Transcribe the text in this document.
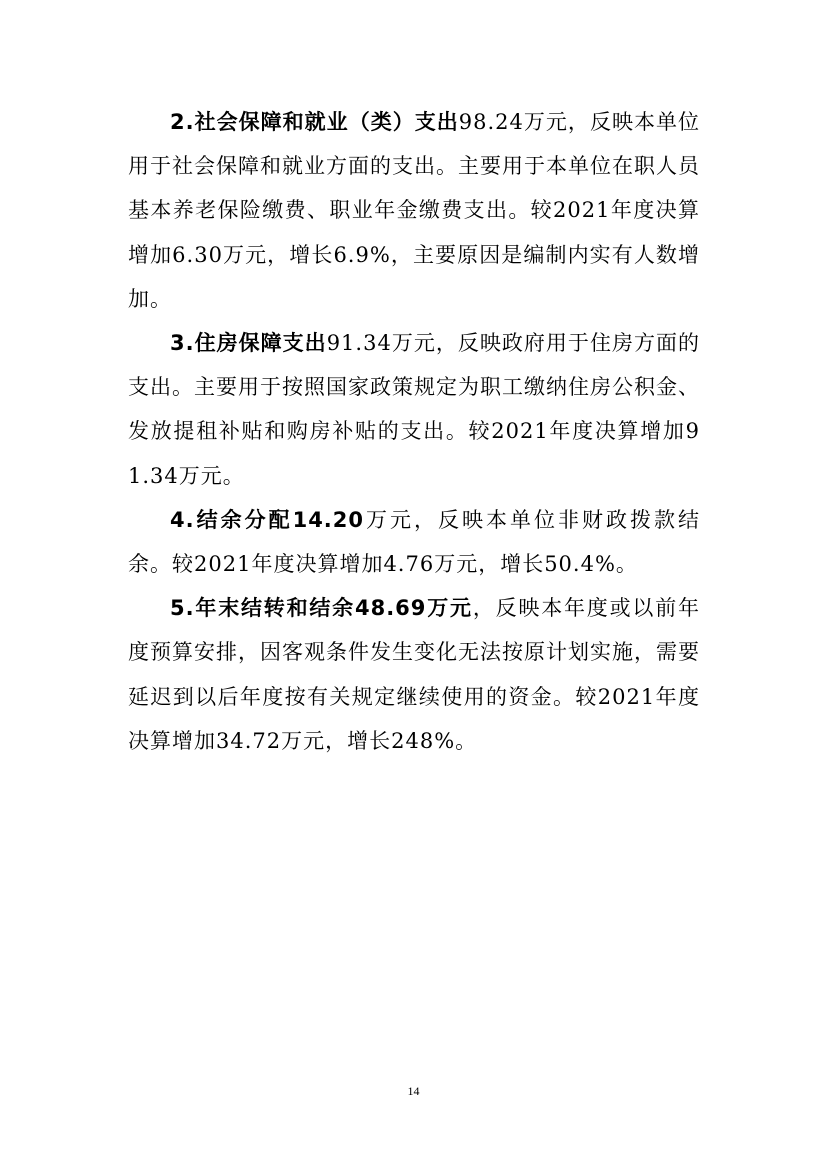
2.社会保障和就业（类）支出98.24万元，反映本单位用于社会保障和就业方面的支出。主要用于本单位在职人员基本养老保险缴费、职业年金缴费支出。较2021年度决算增加6.30万元，增长6.9%，主要原因是编制内实有人数增加。

3.住房保障支出91.34万元，反映政府用于住房方面的支出。主要用于按照国家政策规定为职工缴纳住房公积金、发放提租补贴和购房补贴的支出。较2021年度决算增加91.34万元。

4.结余分配14.20万元，反映本单位非财政拨款结余。较2021年度决算增加4.76万元，增长50.4%。

5.年末结转和结余48.69万元，反映本年度或以前年度预算安排，因客观条件发生变化无法按原计划实施，需要延迟到以后年度按有关规定继续使用的资金。较2021年度决算增加34.72万元，增长248%。

14
